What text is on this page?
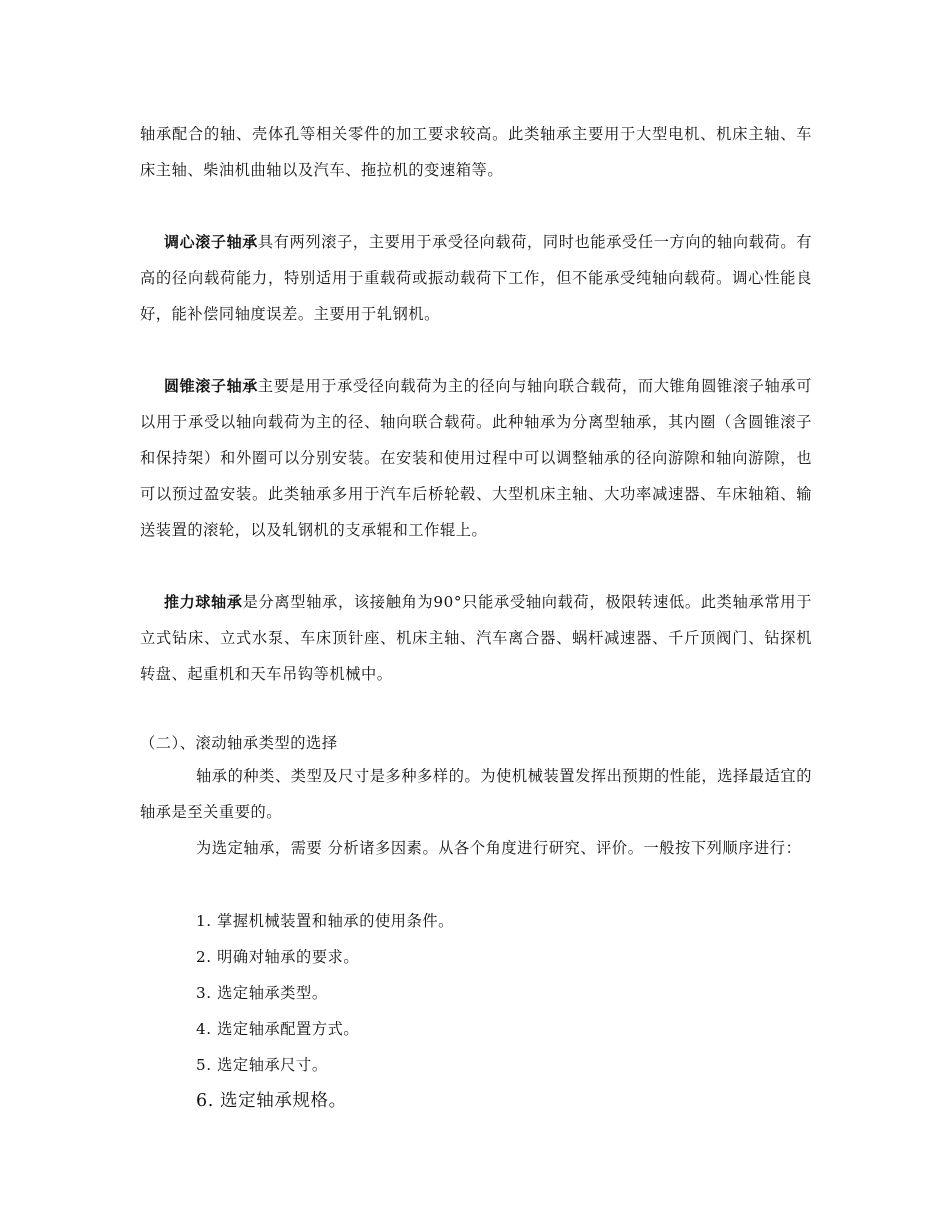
轴承配合的轴、壳体孔等相关零件的加工要求较高。此类轴承主要用于大型电机、机床主轴、车床主轴、柴油机曲轴以及汽车、拖拉机的变速箱等。

调心滚子轴承具有两列滚子，主要用于承受径向载荷，同时也能承受任一方向的轴向载荷。有高的径向载荷能力，特别适用于重载荷或振动载荷下工作，但不能承受纯轴向载荷。调心性能良好，能补偿同轴度误差。主要用于轧钢机。

圆锥滚子轴承主要是用于承受径向载荷为主的径向与轴向联合载荷，而大锥角圆锥滚子轴承可以用于承受以轴向载荷为主的径、轴向联合载荷。此种轴承为分离型轴承，其内圈（含圆锥滚子和保持架）和外圈可以分别安装。在安装和使用过程中可以调整轴承的径向游隙和轴向游隙，也可以预过盈安装。此类轴承多用于汽车后桥轮毂、大型机床主轴、大功率减速器、车床轴箱、输送装置的滚轮，以及轧钢机的支承辊和工作辊上。

推力球轴承是分离型轴承，该接触角为90°只能承受轴向载荷，极限转速低。此类轴承常用于立式钻床、立式水泵、车床顶针座、机床主轴、汽车离合器、蜗杆减速器、千斤顶阀门、钻探机转盘、起重机和天车吊钩等机械中。

（二）、滚动轴承类型的选择

轴承的种类、类型及尺寸是多种多样的。为使机械装置发挥出预期的性能，选择最适宜的轴承是至关重要的。

为选定轴承，需要 分析诸多因素。从各个角度进行研究、评价。一般按下列顺序进行：

1. 掌握机械装置和轴承的使用条件。
2. 明确对轴承的要求。
3. 选定轴承类型。
4. 选定轴承配置方式。
5. 选定轴承尺寸。
6. 选定轴承规格。
